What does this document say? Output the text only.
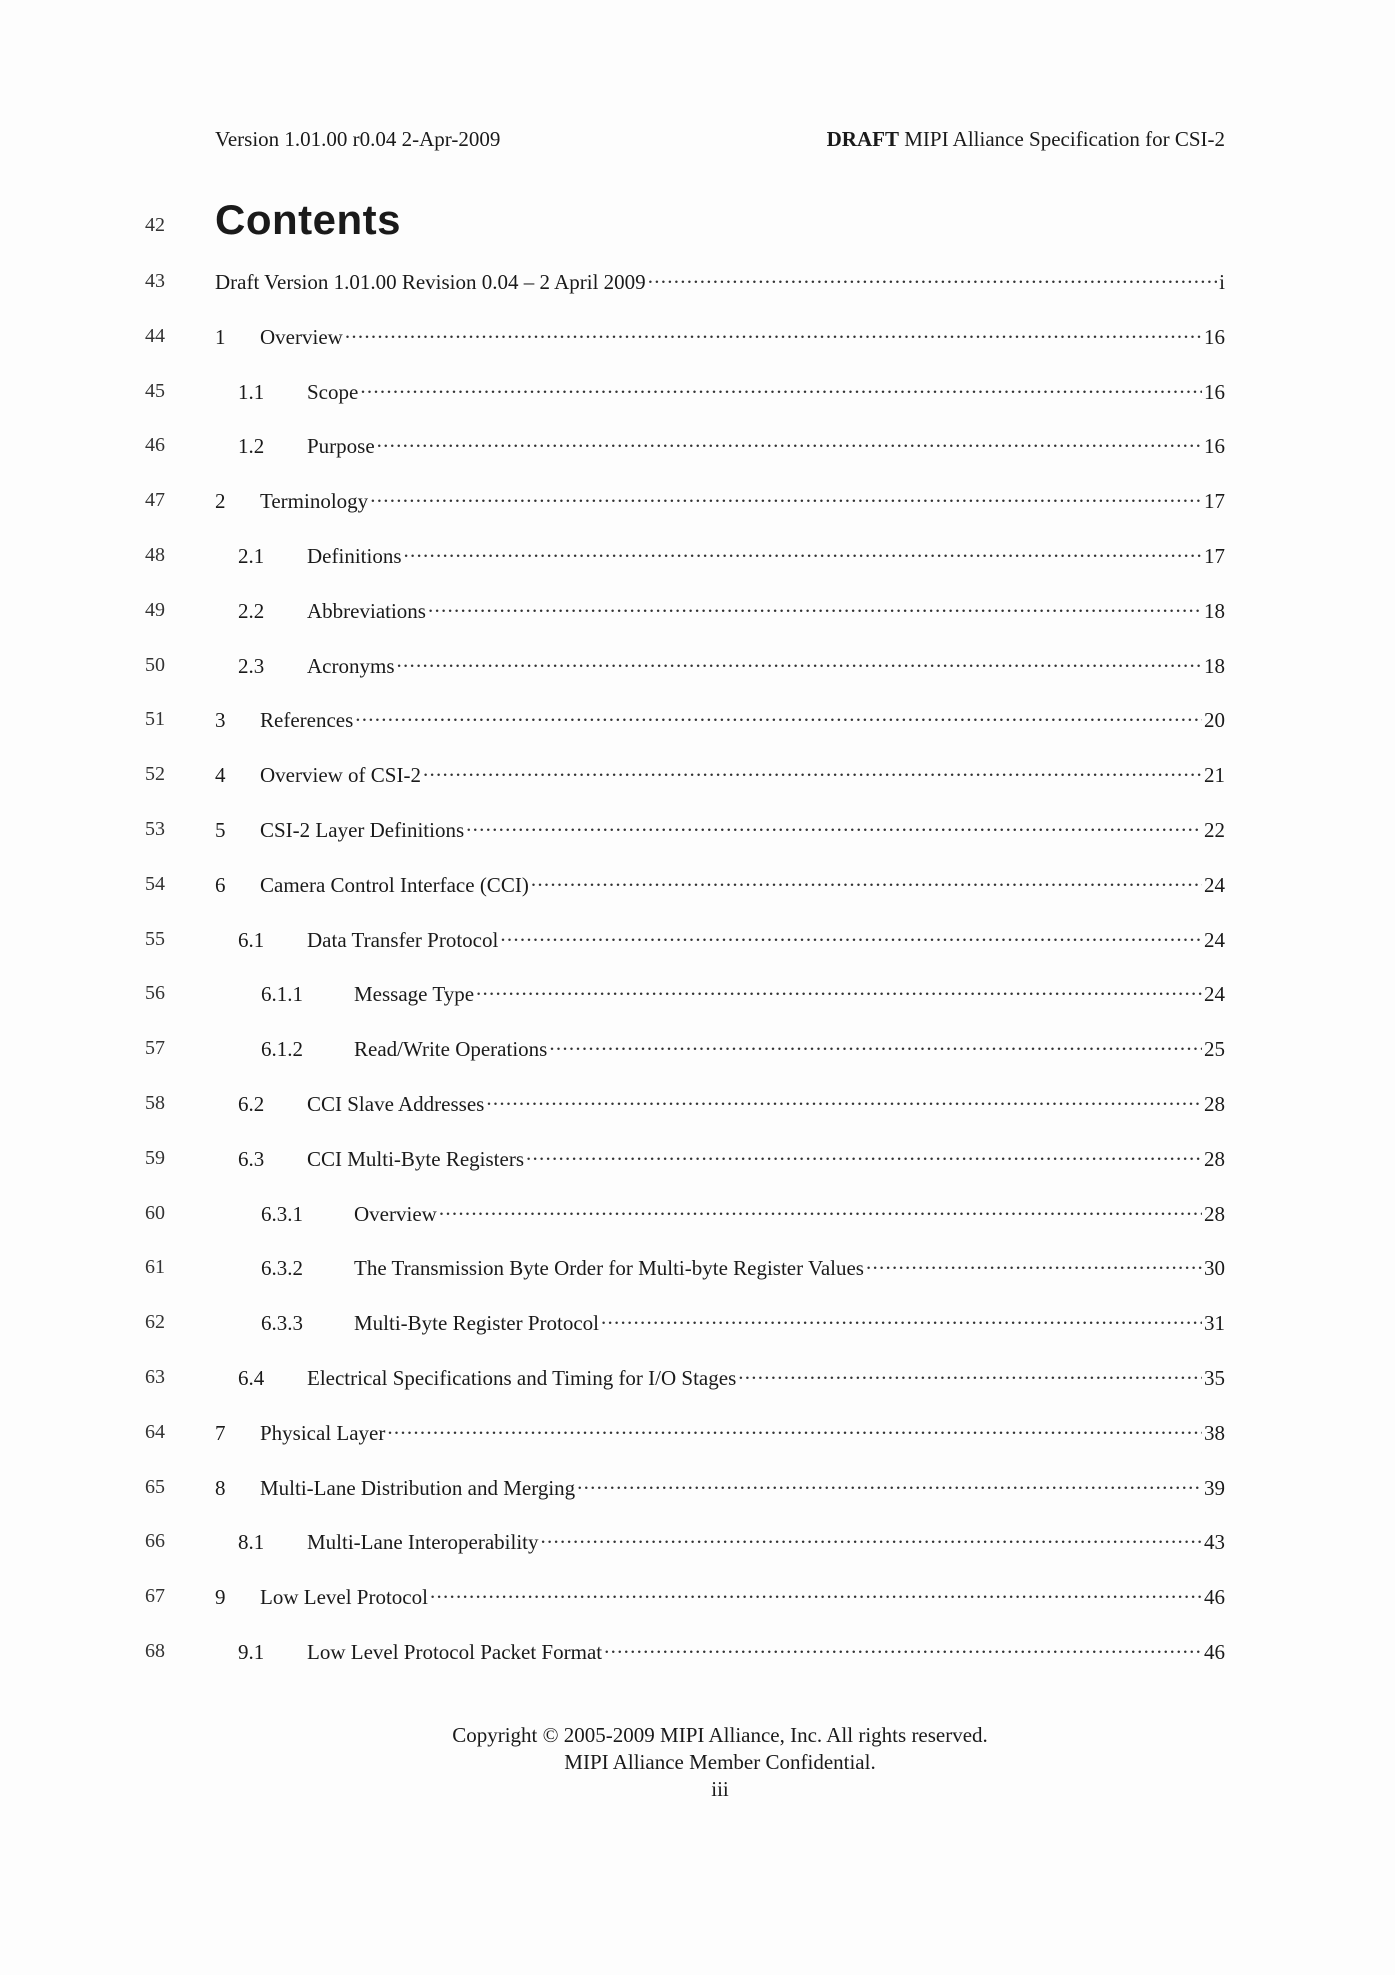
Version 1.01.00 r0.04 2-Apr-2009	DRAFT MIPI Alliance Specification for CSI-2
42 Contents
43	Draft Version 1.01.00 Revision 0.04 – 2 April 2009 . . .	i
44	1	Overview . . .	16
45	1.1	Scope . . .	16
46	1.2	Purpose . . .	16
47	2	Terminology . . .	17
48	2.1	Definitions . . .	17
49	2.2	Abbreviations . . .	18
50	2.3	Acronyms . . .	18
51	3	References . . .	20
52	4	Overview of CSI-2 . . .	21
53	5	CSI-2 Layer Definitions . . .	22
54	6	Camera Control Interface (CCI) . . .	24
55	6.1	Data Transfer Protocol . . .	24
56	6.1.1	Message Type . . .	24
57	6.1.2	Read/Write Operations . . .	25
58	6.2	CCI Slave Addresses . . .	28
59	6.3	CCI Multi-Byte Registers . . .	28
60	6.3.1	Overview . . .	28
61	6.3.2	The Transmission Byte Order for Multi-byte Register Values . . .	30
62	6.3.3	Multi-Byte Register Protocol . . .	31
63	6.4	Electrical Specifications and Timing for I/O Stages . . .	35
64	7	Physical Layer . . .	38
65	8	Multi-Lane Distribution and Merging . . .	39
66	8.1	Multi-Lane Interoperability . . .	43
67	9	Low Level Protocol . . .	46
68	9.1	Low Level Protocol Packet Format . . .	46
Copyright © 2005-2009 MIPI Alliance, Inc. All rights reserved.
MIPI Alliance Member Confidential.
iii
